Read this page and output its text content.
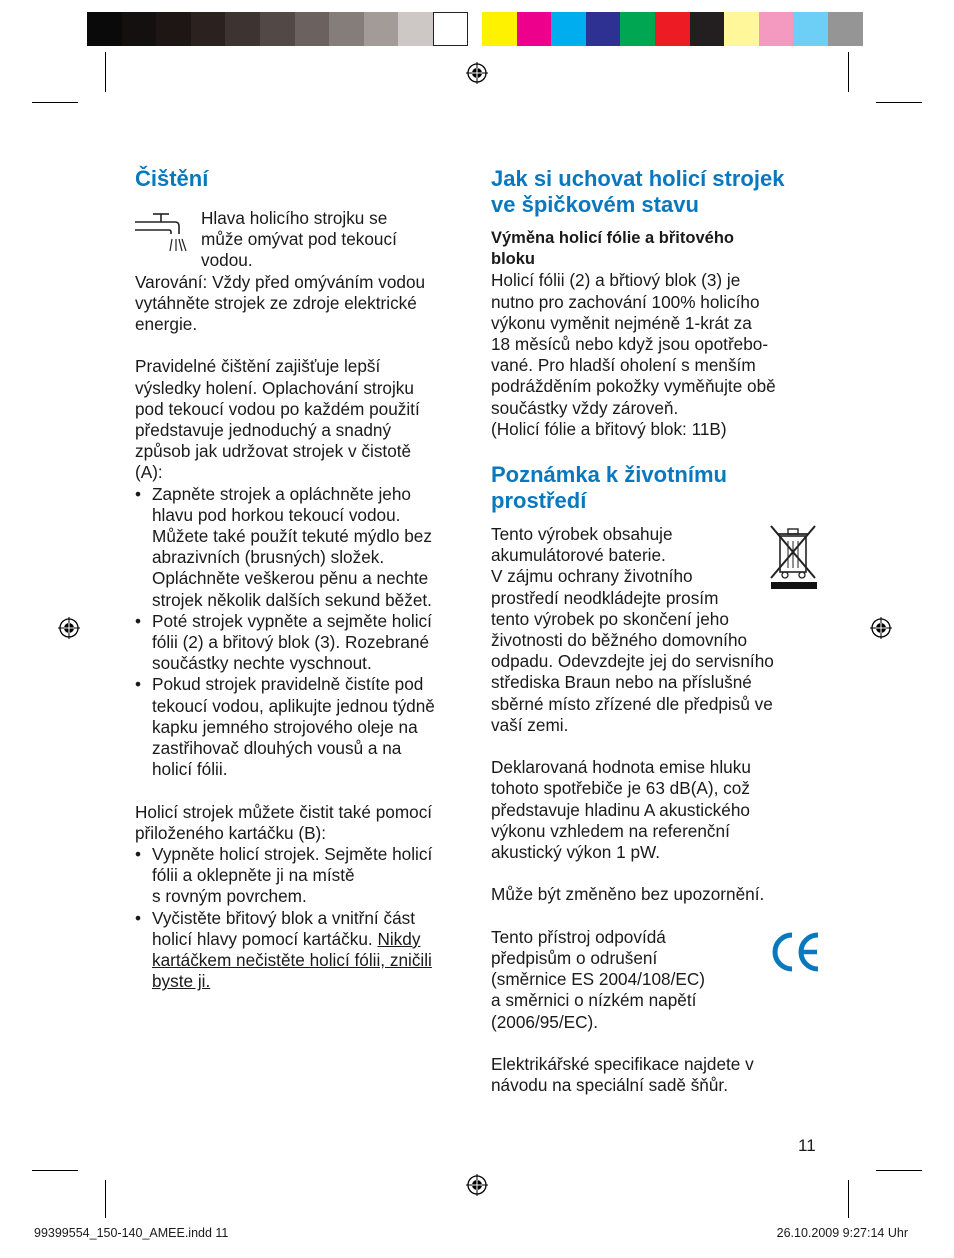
Čištění

Hlava holicího strojku se
může omývat pod tekoucí
vodou.

Varování: Vždy před omýváním vodou
vytáhněte strojek ze zdroje elektrické
energie.

Pravidelné čištění zajišťuje lepší
výsledky holení. Oplachování strojku
pod tekoucí vodou po každém použití
představuje jednoduchý a snadný
způsob jak udržovat strojek v čistotě
(A):

• Zapněte strojek a opláchněte jeho
hlavu pod horkou tekoucí vodou.
Můžete také použít tekuté mýdlo bez
abrazivních (brusných) složek.
Opláchněte veškerou pěnu a nechte
strojek několik dalších sekund běžet.
• Poté strojek vypněte a sejměte holicí
fólii (2) a břitový blok (3). Rozebrané
součástky nechte vyschnout.
• Pokud strojek pravidelně čistíte pod
tekoucí vodou, aplikujte jednou týdně
kapku jemného strojového oleje na
zastřihovač dlouhých vousů a na
holicí fólii.

Holicí strojek můžete čistit také pomocí
přiloženého kartáčku (B):

• Vypněte holicí strojek. Sejměte holicí
fólii a oklepněte ji na místě
s rovným povrchem.
• Vyčistěte břitový blok a vnitřní část
holicí hlavy pomocí kartáčku. Nikdy
kartáčkem nečistěte holicí fólii, zničili
byste ji.
Jak si uchovat holicí strojek
ve špičkovém stavu

Výměna holicí fólie a břitového
bloku

Holicí fólii (2) a břtiový blok (3) je
nutno pro zachování 100% holicího
výkonu vyměnit nejméně 1-krát za
18 měsíců nebo když jsou opotřebo-
vané. Pro hladší oholení s menším
podrážděním pokožky vyměňujte obě
součástky vždy zároveň.
(Holicí fólie a břitový blok: 11B)

Poznámka k životnímu
prostředí

Tento výrobek obsahuje
akumulátorové baterie.
V zájmu ochrany životního
prostředí neodkládejte prosím
tento výrobek po skončení jeho
životnosti do běžného domovního
odpadu. Odevzdejte jej do servisního
střediska Braun nebo na příslušné
sběrné místo zřízené dle předpisů ve
vaší zemi.

Deklarovaná hodnota emise hluku
tohoto spotřebiče je 63 dB(A), což
představuje hladinu A akustického
výkonu vzhledem na referenční
akustický výkon 1 pW.

Může být změněno bez upozornění.

Tento přístroj odpovídá
předpisům o odrušení
(směrnice ES 2004/108/EC)
a směrnici o nízkém napětí
(2006/95/EC).

Elektrikářské specifikace najdete v
návodu na speciální sadě šňůr.

11
99399554_150-140_AMEE.indd 11	26.10.2009 9:27:14 Uhr
